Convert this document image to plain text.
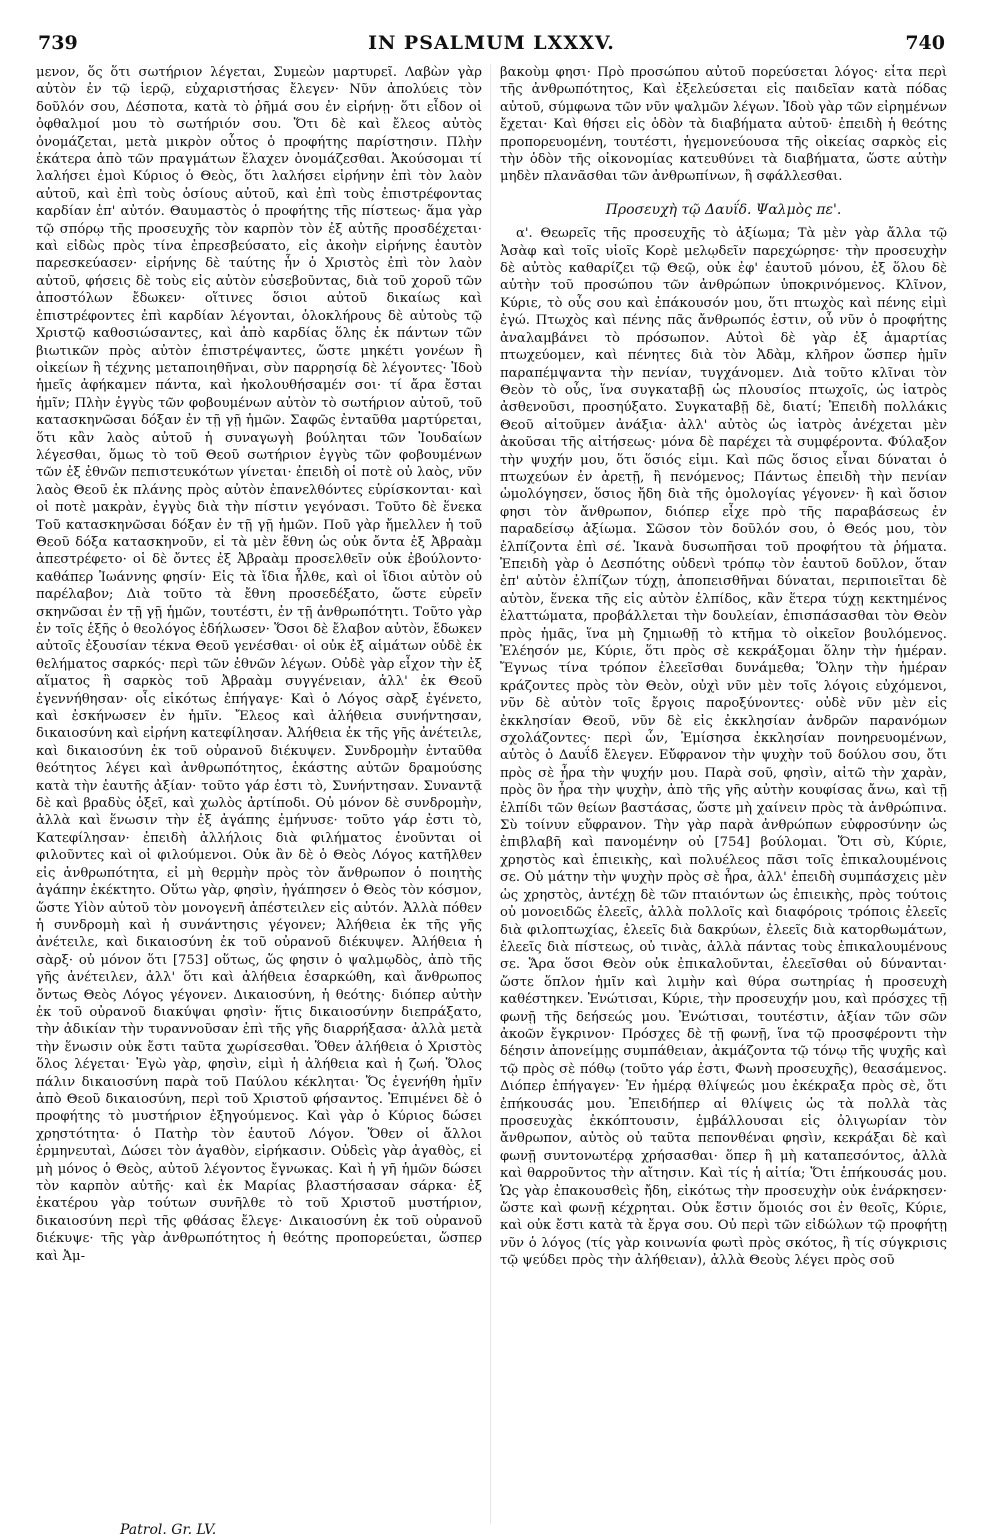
739	IN PSALMUM LXXXV.	740

μενον, ὅς ὅτι σωτήριον λέγεται, Συμεὼν μαρτυρεῖ. Λαβὼν γὰρ αὐτὸν ἐν τῷ ἱερῷ, εὐχαριστήσας ἔλεγεν· Νῦν ἀπολύεις τὸν δοῦλόν σου, Δέσποτα, κατὰ τὸ ῥῆμά σου ἐν εἰρήνῃ· ὅτι εἶδον οἱ ὀφθαλμοί μου τὸ σωτήριόν σου. Ὅτι δὲ καὶ ἔλεος αὐτὸς ὀνομάζεται, μετὰ μικρὸν οὗτος ὁ προφήτης παρίστησιν. Πλὴν ἑκάτερα ἀπὸ τῶν πραγμάτων ἔλαχεν ὀνομάζεσθαι. Ἀκούσομαι τί λαλήσει ἐμοὶ Κύριος ὁ Θεὸς, ὅτι λαλήσει εἰρήνην ἐπὶ τὸν λαὸν αὐτοῦ, καὶ ἐπὶ τοὺς ὁσίους αὐτοῦ, καὶ ἐπὶ τοὺς ἐπιστρέφοντας καρδίαν ἐπ' αὐτόν. Θαυμαστὸς ὁ προφήτης τῆς πίστεως· ἅμα γὰρ τῷ σπόρῳ τῆς προσευχῆς τὸν καρπὸν τὸν ἐξ αὐτῆς προσδέχεται· καὶ εἰδὼς πρὸς τίνα ἐπρεσβεύσατο, εἰς ἀκοὴν εἰρήνης ἑαυτὸν παρεσκεύασεν· εἰρήνης δὲ ταύτης ἧν ὁ Χριστὸς ἐπὶ τὸν λαὸν αὐτοῦ, φήσεις δὲ τοὺς εἰς αὐτὸν εὐσεβοῦντας, διὰ τοῦ χοροῦ τῶν ἀποστόλων ἔδωκεν· οἵτινες ὅσιοι αὐτοῦ δικαίως καὶ ἐπιστρέφοντες ἐπὶ καρδίαν λέγονται, ὁλοκλήρους δὲ αὐτοὺς τῷ Χριστῷ καθοσιώσαντες, καὶ ἀπὸ καρδίας ὅλης ἐκ πάντων τῶν βιωτικῶν πρὸς αὐτὸν ἐπιστρέψαντες, ὥστε μηκέτι γονέων ἢ οἰκείων ἢ τέχνης μεταποιηθῆναι, σὺν παρρησίᾳ δὲ λέγοντες· Ἰδοὺ ἡμεῖς ἀφήκαμεν πάντα, καὶ ἠκολουθήσαμέν σοι· τί ἄρα ἔσται ἡμῖν; Πλὴν ἐγγὺς τῶν φοβουμένων αὐτὸν τὸ σωτήριον αὐτοῦ, τοῦ κατασκηνῶσαι δόξαν ἐν τῇ γῇ ἡμῶν. Σαφῶς ἐνταῦθα μαρτύρεται, ὅτι κἂν λαὸς αὐτοῦ ἡ συναγωγὴ βούληται τῶν Ἰουδαίων λέγεσθαι, ὅμως τὸ τοῦ Θεοῦ σωτήριον ἐγγὺς τῶν φοβουμένων τῶν ἐξ ἐθνῶν πεπιστευκότων γίνεται· ἐπειδὴ οἱ ποτὲ οὐ λαὸς, νῦν λαὸς Θεοῦ ἐκ πλάνης πρὸς αὐτὸν ἐπανελθόντες εὑρίσκονται· καὶ οἱ ποτὲ μακρὰν, ἐγγὺς διὰ τὴν πίστιν γεγόνασι. Τοῦτο δὲ ἕνεκα Τοῦ κατασκηνῶσαι δόξαν ἐν τῇ γῇ ἡμῶν. Ποῦ γὰρ ἤμελλεν ἡ τοῦ Θεοῦ δόξα κατασκηνοῦν, εἰ τὰ μὲν ἔθνη ὡς οὐκ ὄντα ἐξ Ἀβραὰμ ἀπεστρέφετο· οἱ δὲ ὄντες ἐξ Ἀβραὰμ προσελθεῖν οὐκ ἐβούλοντο· καθάπερ Ἰωάννης φησίν· Εἰς τὰ ἴδια ἦλθε, καὶ οἱ ἴδιοι αὐτὸν οὐ παρέλαβον; Διὰ τοῦτο τὰ ἔθνη προσεδέξατο, ὥστε εὑρεῖν σκηνῶσαι ἐν τῇ γῇ ἡμῶν, τουτέστι, ἐν τῇ ἀνθρωπότητι. Τοῦτο γὰρ ἐν τοῖς ἑξῆς ὁ θεολόγος ἐδήλωσεν· Ὅσοι δὲ ἔλαβον αὐτὸν, ἔδωκεν αὐτοῖς ἐξουσίαν τέκνα Θεοῦ γενέσθαι· οἱ οὐκ ἐξ αἱμάτων οὐδὲ ἐκ θελήματος σαρκός· περὶ τῶν ἐθνῶν λέγων. Οὐδὲ γὰρ εἶχον τὴν ἐξ αἵματος ἢ σαρκὸς τοῦ Ἀβραὰμ συγγένειαν, ἀλλ' ἐκ Θεοῦ ἐγεννήθησαν· οἷς εἰκότως ἐπήγαγε· Καὶ ὁ Λόγος σὰρξ ἐγένετο, καὶ ἐσκήνωσεν ἐν ἡμῖν. Ἔλεος καὶ ἀλήθεια συνήντησαν, δικαιοσύνη καὶ εἰρήνη κατεφίλησαν. Ἀλήθεια ἐκ τῆς γῆς ἀνέτειλε, καὶ δικαιοσύνη ἐκ τοῦ οὐρανοῦ διέκυψεν. Συνδρομὴν ἐνταῦθα θεότητος λέγει καὶ ἀνθρωπότητος, ἑκάστης αὐτῶν δραμούσης κατὰ τὴν ἑαυτῆς ἀξίαν· τοῦτο γάρ ἐστι τὸ, Συνήντησαν. Συναντᾷ δὲ καὶ βραδὺς ὀξεῖ, καὶ χωλὸς ἀρτίποδι. Οὐ μόνον δὲ συνδρομὴν, ἀλλὰ καὶ ἕνωσιν τὴν ἐξ ἀγάπης ἐμήνυσε· τοῦτο γάρ ἐστι τὸ, Κατεφίλησαν· ἐπειδὴ ἀλλήλοις διὰ φιλήματος ἑνοῦνται οἱ φιλοῦντες καὶ οἱ φιλούμενοι. Οὐκ ἂν δὲ ὁ Θεὸς Λόγος κατῆλθεν εἰς ἀνθρωπότητα, εἰ μὴ θερμὴν πρὸς τὸν ἄνθρωπον ὁ ποιητὴς ἀγάπην ἐκέκτητο. Οὕτω γὰρ, φησὶν, ἠγάπησεν ὁ Θεὸς τὸν κόσμον, ὥστε Υἱὸν αὐτοῦ τὸν μονογενῆ ἀπέστειλεν εἰς αὐτόν. Ἀλλὰ πόθεν ἡ συνδρομὴ καὶ ἡ συνάντησις γέγονεν; Ἀλήθεια ἐκ τῆς γῆς ἀνέτειλε, καὶ δικαιοσύνη ἐκ τοῦ οὐρανοῦ διέκυψεν. Ἀλήθεια ἡ σὰρξ· οὐ μόνον ὅτι [753] οὕτως, ὥς φησιν ὁ ψαλμῳδὸς, ἀπὸ τῆς γῆς ἀνέτειλεν, ἀλλ' ὅτι καὶ ἀλήθεια ἐσαρκώθη, καὶ ἄνθρωπος ὄντως Θεὸς Λόγος γέγονεν. Δικαιοσύνη, ἡ θεότης· διόπερ αὐτὴν ἐκ τοῦ οὐρανοῦ διακύψαι φησὶν· ἥτις δικαιοσύνην διεπράξατο, τὴν ἀδικίαν τὴν τυραννοῦσαν ἐπὶ τῆς γῆς διαρρήξασα· ἀλλὰ μετὰ τὴν ἕνωσιν οὐκ ἔστι ταῦτα χωρίσεσθαι. Ὅθεν ἀλήθεια ὁ Χριστὸς ὅλος λέγεται· Ἐγὼ γὰρ, φησὶν, εἰμὶ ἡ ἀλήθεια καὶ ἡ ζωή. Ὅλος πάλιν δικαιοσύνη παρὰ τοῦ Παύλου κέκληται· Ὅς ἐγενήθη ἡμῖν ἀπὸ Θεοῦ δικαιοσύνη, περὶ τοῦ Χριστοῦ φήσαντος. Ἐπιμένει δὲ ὁ προφήτης τὸ μυστήριον ἐξηγούμενος. Καὶ γὰρ ὁ Κύριος δώσει χρηστότητα· ὁ Πατὴρ τὸν ἑαυτοῦ Λόγον. Ὅθεν οἱ ἄλλοι ἑρμηνευταὶ, Δώσει τὸν ἀγαθὸν, εἰρήκασιν. Οὐδεὶς γὰρ ἀγαθὸς, εἰ μὴ μόνος ὁ Θεὸς, αὐτοῦ λέγοντος ἔγνωκας. Καὶ ἡ γῆ ἡμῶν δώσει τὸν καρπὸν αὐτῆς· καὶ ἐκ Μαρίας βλαστήσασαν σάρκα· ἐξ ἑκατέρου γὰρ τούτων συνῆλθε τὸ τοῦ Χριστοῦ μυστήριον, δικαιοσύνη περὶ τῆς φθάσας ἔλεγε· Δικαιοσύνη ἐκ τοῦ οὐρανοῦ διέκυψε· τῆς γὰρ ἀνθρωπότητος ἡ θεότης προπορεύεται, ὥσπερ καὶ Ἀμ-

βακοὺμ φησι· Πρὸ προσώπου αὐτοῦ πορεύσεται λόγος· εἶτα περὶ τῆς ἀνθρωπότητος, Καὶ ἐξελεύσεται εἰς παιδεῖαν κατὰ πόδας αὐτοῦ, σύμφωνα τῶν νῦν ψαλμῶν λέγων. Ἰδοὺ γὰρ τῶν εἰρημένων ἔχεται· Καὶ θήσει εἰς ὁδὸν τὰ διαβήματα αὐτοῦ· ἐπειδὴ ἡ θεότης προπορευομένη, τουτέστι, ἡγεμονεύουσα τῆς οἰκείας σαρκὸς εἰς τὴν ὁδὸν τῆς οἰκονομίας κατευθύνει τὰ διαβήματα, ὥστε αὐτὴν μηδὲν πλανᾶσθαι τῶν ἀνθρωπίνων, ἢ σφάλλεσθαι.

Προσευχὴ τῷ Δαυΐδ. Ψαλμὸς πε'.

α'. Θεωρεῖς τῆς προσευχῆς τὸ ἀξίωμα; Τὰ μὲν γὰρ ἄλλα τῷ Ἀσὰφ καὶ τοῖς υἱοῖς Κορὲ μελῳδεῖν παρεχώρησε· τὴν προσευχὴν δὲ αὐτὸς καθαρίζει τῷ Θεῷ, οὐκ ἐφ' ἑαυτοῦ μόνου, ἐξ ὅλου δὲ αὐτὴν τοῦ προσώπου τῶν ἀνθρώπων ὑποκρινόμενος. Κλῖνον, Κύριε, τὸ οὖς σου καὶ ἐπάκουσόν μου, ὅτι πτωχὸς καὶ πένης εἰμὶ ἐγώ. Πτωχὸς καὶ πένης πᾶς ἄνθρωπός ἐστιν, οὗ νῦν ὁ προφήτης ἀναλαμβάνει τὸ πρόσωπον. Αὐτοὶ δὲ γὰρ ἐξ ἁμαρτίας πτωχεύομεν, καὶ πένητες διὰ τὸν Ἀδὰμ, κλῆρον ὥσπερ ἡμῖν παραπέμψαντα τὴν πενίαν, τυγχάνομεν. Διὰ τοῦτο κλῖναι τὸν Θεὸν τὸ οὖς, ἵνα συγκαταβῇ ὡς πλουσίος πτωχοῖς, ὡς ἰατρὸς ἀσθενοῦσι, προσηύξατο. Συγκαταβῇ δὲ, διατί; Ἐπειδὴ πολλάκις Θεοῦ αἰτοῦμεν ἀνάξια· ἀλλ' αὐτὸς ὡς ἰατρὸς ἀνέχεται μὲν ἀκοῦσαι τῆς αἰτήσεως· μόνα δὲ παρέχει τὰ συμφέροντα. Φύλαξον τὴν ψυχήν μου, ὅτι ὅσιός εἰμι. Καὶ πῶς ὅσιος εἶναι δύναται ὁ πτωχεύων ἐν ἀρετῇ, ἢ πενόμενος; Πάντως ἐπειδὴ τὴν πενίαν ὡμολόγησεν, ὅσιος ἤδη διὰ τῆς ὁμολογίας γέγονεν· ἢ καὶ ὅσιον φησι τὸν ἄνθρωπον, διόπερ εἶχε πρὸ τῆς παραβάσεως ἐν παραδείσῳ ἀξίωμα. Σῶσον τὸν δοῦλόν σου, ὁ Θεός μου, τὸν ἐλπίζοντα ἐπὶ σέ. Ἱκανὰ δυσωπῆσαι τοῦ προφήτου τὰ ῥήματα. Ἐπειδὴ γὰρ ὁ Δεσπότης οὐδενὶ τρόπῳ τὸν ἑαυτοῦ δοῦλον, ὅταν ἐπ' αὐτὸν ἐλπίζων τύχῃ, ἀποπεισθῆναι δύναται, περιποιεῖται δὲ αὐτὸν, ἕνεκα τῆς εἰς αὐτὸν ἐλπίδος, κἂν ἕτερα τύχῃ κεκτημένος ἐλαττώματα, προβάλλεται τὴν δουλείαν, ἐπισπάσασθαι τὸν Θεὸν πρὸς ἡμᾶς, ἵνα μὴ ζημιωθῇ τὸ κτῆμα τὸ οἰκεῖον βουλόμενος. Ἐλέησόν με, Κύριε, ὅτι πρὸς σὲ κεκράξομαι ὅλην τὴν ἡμέραν. Ἔγνως τίνα τρόπον ἐλεεῖσθαι δυνάμεθα; Ὅλην τὴν ἡμέραν κράζοντες πρὸς τὸν Θεὸν, οὐχὶ νῦν μὲν τοῖς λόγοις εὐχόμενοι, νῦν δὲ αὐτὸν τοῖς ἔργοις παροξύνοντες· οὐδὲ νῦν μὲν εἰς ἐκκλησίαν Θεοῦ, νῦν δὲ εἰς ἐκκλησίαν ἀνδρῶν παρανόμων σχολάζοντες· περὶ ὧν, Ἐμίσησα ἐκκλησίαν πονηρευομένων, αὐτὸς ὁ Δαυΐδ ἔλεγεν. Εὔφρανον τὴν ψυχὴν τοῦ δούλου σου, ὅτι πρὸς σὲ ἦρα τὴν ψυχήν μου. Παρὰ σοῦ, φησὶν, αἰτῶ τὴν χαρὰν, πρὸς ὃν ἦρα τὴν ψυχὴν, ἀπὸ τῆς γῆς αὐτὴν κουφίσας ἄνω, καὶ τῇ ἐλπίδι τῶν θείων βαστάσας, ὥστε μὴ χαίνειν πρὸς τὰ ἀνθρώπινα. Σὺ τοίνυν εὔφρανον. Τὴν γὰρ παρὰ ἀνθρώπων εὐφροσύνην ὡς ἐπιβλαβῆ καὶ πανομένην οὐ [754] βούλομαι. Ὅτι σὺ, Κύριε, χρηστὸς καὶ ἐπιεικὴς, καὶ πολυέλεος πᾶσι τοῖς ἐπικαλουμένοις σε. Οὐ μάτην τὴν ψυχὴν πρὸς σὲ ἦρα, ἀλλ' ἐπειδὴ συμπάσχεις μὲν ὡς χρηστὸς, ἀντέχῃ δὲ τῶν πταιόντων ὡς ἐπιεικὴς, πρὸς τούτοις οὐ μονοειδῶς ἐλεεῖς, ἀλλὰ πολλοῖς καὶ διαφόροις τρόποις ἐλεεῖς διὰ φιλοπτωχίας, ἐλεεῖς διὰ δακρύων, ἐλεεῖς διὰ κατορθωμάτων, ἐλεεῖς διὰ πίστεως, οὐ τινὰς, ἀλλὰ πάντας τοὺς ἐπικαλουμένους σε. Ἅρα ὅσοι Θεὸν οὐκ ἐπικαλοῦνται, ἐλεεῖσθαι οὐ δύνανται· ὥστε ὅπλον ἡμῖν καὶ λιμὴν καὶ θύρα σωτηρίας ἡ προσευχὴ καθέστηκεν. Ἐνώτισαι, Κύριε, τὴν προσευχήν μου, καὶ πρόσχες τῇ φωνῇ τῆς δεήσεώς μου. Ἐνώτισαι, τουτέστιν, ἀξίαν τῶν σῶν ἀκοῶν ἔγκρινον· Πρόσχες δὲ τῇ φωνῇ, ἵνα τῷ προσφέροντι τὴν δέησιν ἀπονείμῃς συμπάθειαν, ἀκμάζοντα τῷ τόνῳ τῆς ψυχῆς καὶ τῷ πρὸς σὲ πόθῳ (τοῦτο γάρ ἐστι, Φωνὴ προσευχῆς), θεασάμενος. Διόπερ ἐπήγαγεν· Ἐν ἡμέρᾳ θλίψεώς μου ἐκέκραξα πρὸς σὲ, ὅτι ἐπήκουσάς μου. Ἐπειδήπερ αἱ θλίψεις ὡς τὰ πολλὰ τὰς προσευχὰς ἐκκόπτουσιν, ἐμβάλλουσαι εἰς ὀλιγωρίαν τὸν ἄνθρωπον, αὐτὸς οὐ ταῦτα πεπονθέναι φησὶν, κεκράξαι δὲ καὶ φωνῇ συντονωτέρᾳ χρήσασθαι· ὅπερ ἢ μὴ καταπεσόντος, ἀλλὰ καὶ θαρροῦντος τὴν αἴτησιν. Καὶ τίς ἡ αἰτία; Ὅτι ἐπήκουσάς μου. Ὡς γὰρ ἐπακουσθεὶς ἤδη, εἰκότως τὴν προσευχὴν οὐκ ἐνάρκησεν· ὥστε καὶ φωνῇ κέχρηται. Οὐκ ἔστιν ὅμοιός σοι ἐν θεοῖς, Κύριε, καὶ οὐκ ἔστι κατὰ τὰ ἔργα σου. Οὐ περὶ τῶν εἰδώλων τῷ προφήτῃ νῦν ὁ λόγος (τίς γὰρ κοινωνία φωτὶ πρὸς σκότος, ἢ τίς σύγκρισις τῷ ψεύδει πρὸς τὴν ἀλήθειαν), ἀλλὰ Θεοὺς λέγει πρὸς σοῦ

Patrol. Gr. LV.
